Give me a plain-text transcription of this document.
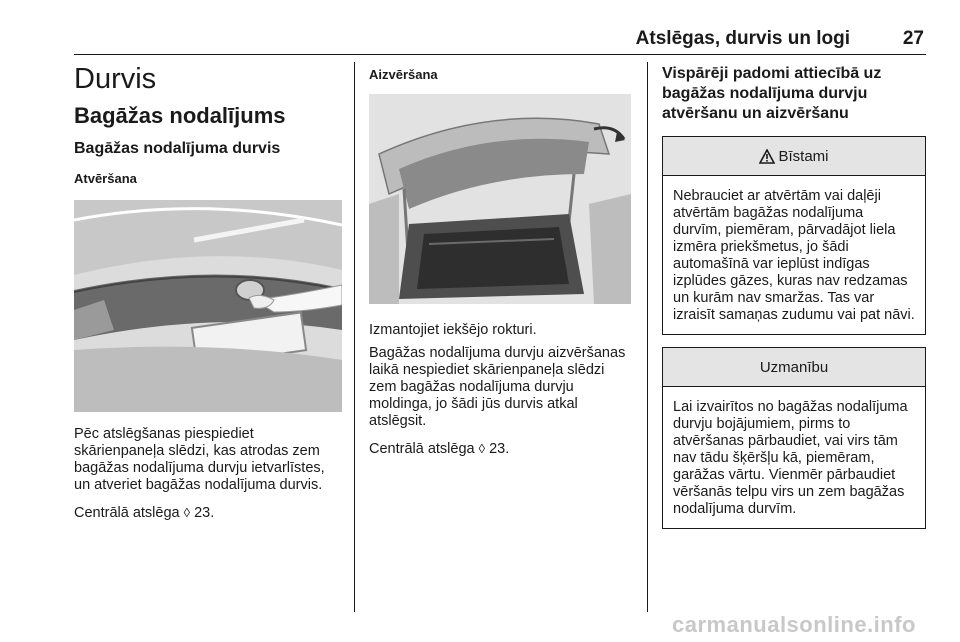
Atslēgas, durvis un logi	27
Durvis
Bagāžas nodalījums
Bagāžas nodalījuma durvis
Atvēršana

Pēc atslēgšanas piespiediet skārienpaneļa slēdzi, kas atrodas zem bagāžas nodalījuma durvju ietvarlīstes, un atveriet bagāžas nodalījuma durvis.

Centrālā atslēga ◊ 23.

Aizvēršana

Izmantojiet iekšējo rokturi.

Bagāžas nodalījuma durvju aizvēršanas laikā nespiediet skārienpaneļa slēdzi zem bagāžas nodalījuma durvju moldinga, jo šādi jūs durvis atkal atslēgsit.

Centrālā atslēga ◊ 23.

Vispārēji padomi attiecībā uz bagāžas nodalījuma durvju atvēršanu un aizvēršanu
Bīstami
Nebrauciet ar atvērtām vai daļēji atvērtām bagāžas nodalījuma durvīm, piemēram, pārvadājot liela izmēra priekšmetus, jo šādi automašīnā var ieplūst indīgas izplūdes gāzes, kuras nav redzamas un kurām nav smaržas. Tas var izraisīt samaņas zudumu vai pat nāvi.
Uzmanību
Lai izvairītos no bagāžas nodalījuma durvju bojājumiem, pirms to atvēršanas pārbaudiet, vai virs tām nav tādu šķēršļu kā, piemēram, garāžas vārtu. Vienmēr pārbaudiet vēršanās telpu virs un zem bagāžas nodalījuma durvīm.
carmanualsonline.info
